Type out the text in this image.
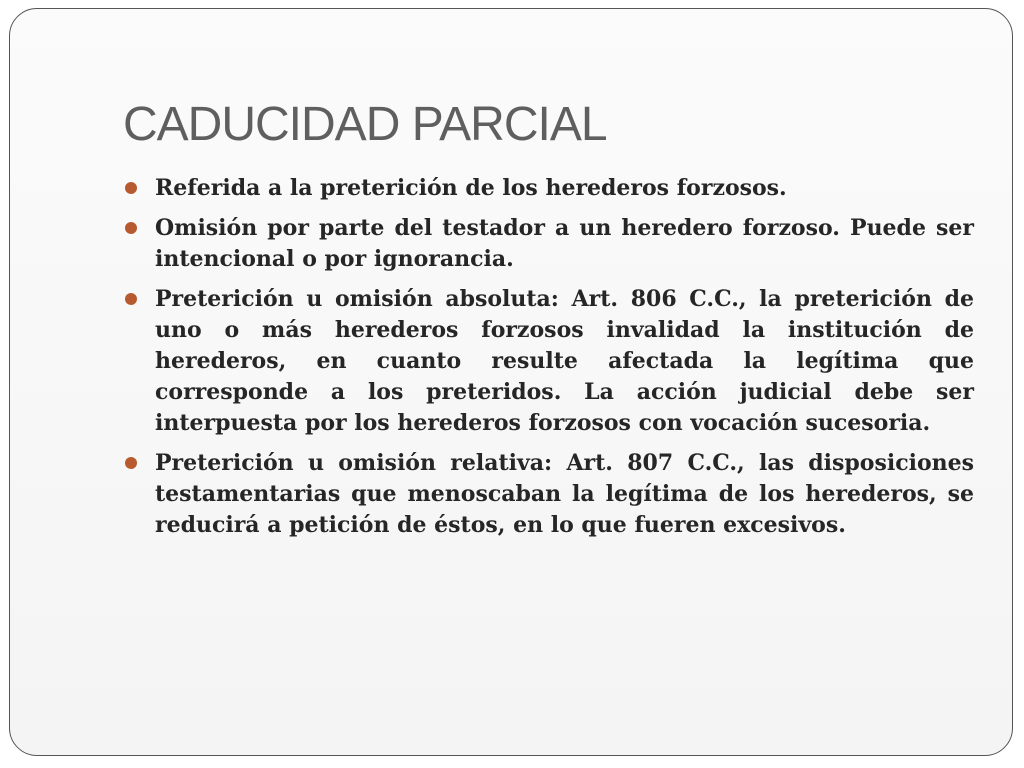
CADUCIDAD PARCIAL
Referida a la preterición de los herederos forzosos.
Omisión por parte del testador a un heredero forzoso. Puede ser intencional o por ignorancia.
Preterición u omisión absoluta: Art. 806 C.C., la preterición de uno o más herederos forzosos invalidad la institución de herederos, en cuanto resulte afectada la legítima que corresponde a los preteridos. La acción judicial debe ser interpuesta por los herederos forzosos con vocación sucesoria.
Preterición u omisión relativa: Art. 807 C.C., las disposiciones testamentarias que menoscaban la legítima de los herederos, se reducirá a petición de éstos, en lo que fueren excesivos.
